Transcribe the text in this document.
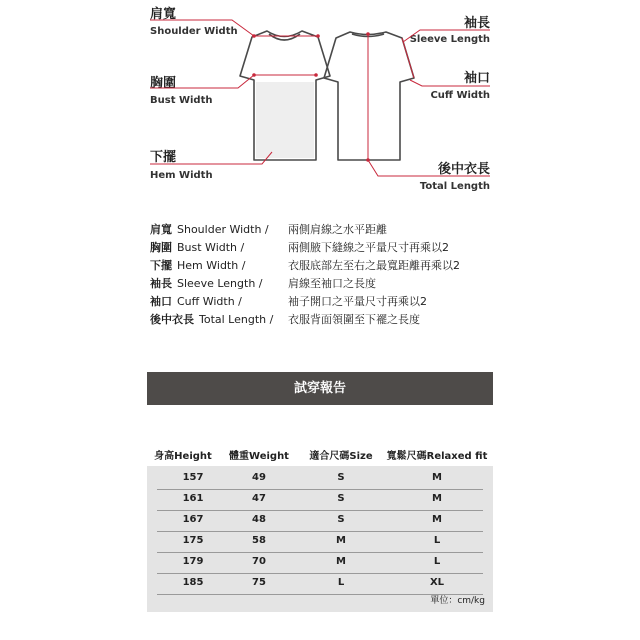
肩寬
Shoulder Width
胸圍
Bust Width
下擺
Hem Width
袖長
Sleeve Length
袖口
Cuff Width
後中衣長
Total Length
肩寬 Shoulder Width / 兩側肩線之水平距離
胸圍 Bust Width /	兩側腋下縫線之平量尺寸再乘以2
下擺 Hem Width /	衣服底部左至右之最寬距離再乘以2
袖長 Sleeve Length / 肩線至袖口之長度
袖口 Cuff Width /	袖子開口之平量尺寸再乘以2
後中衣長 Total Length / 衣服背面領圍至下襬之長度
試穿報告
身高Height 體重Weight 適合尺碼Size 寬鬆尺碼Relaxed fit
157	49	S	M
161	47	S	M
167	48	S	M
175	58	M	L
179	70	M	L
185	75	L	XL
單位：cm/kg
